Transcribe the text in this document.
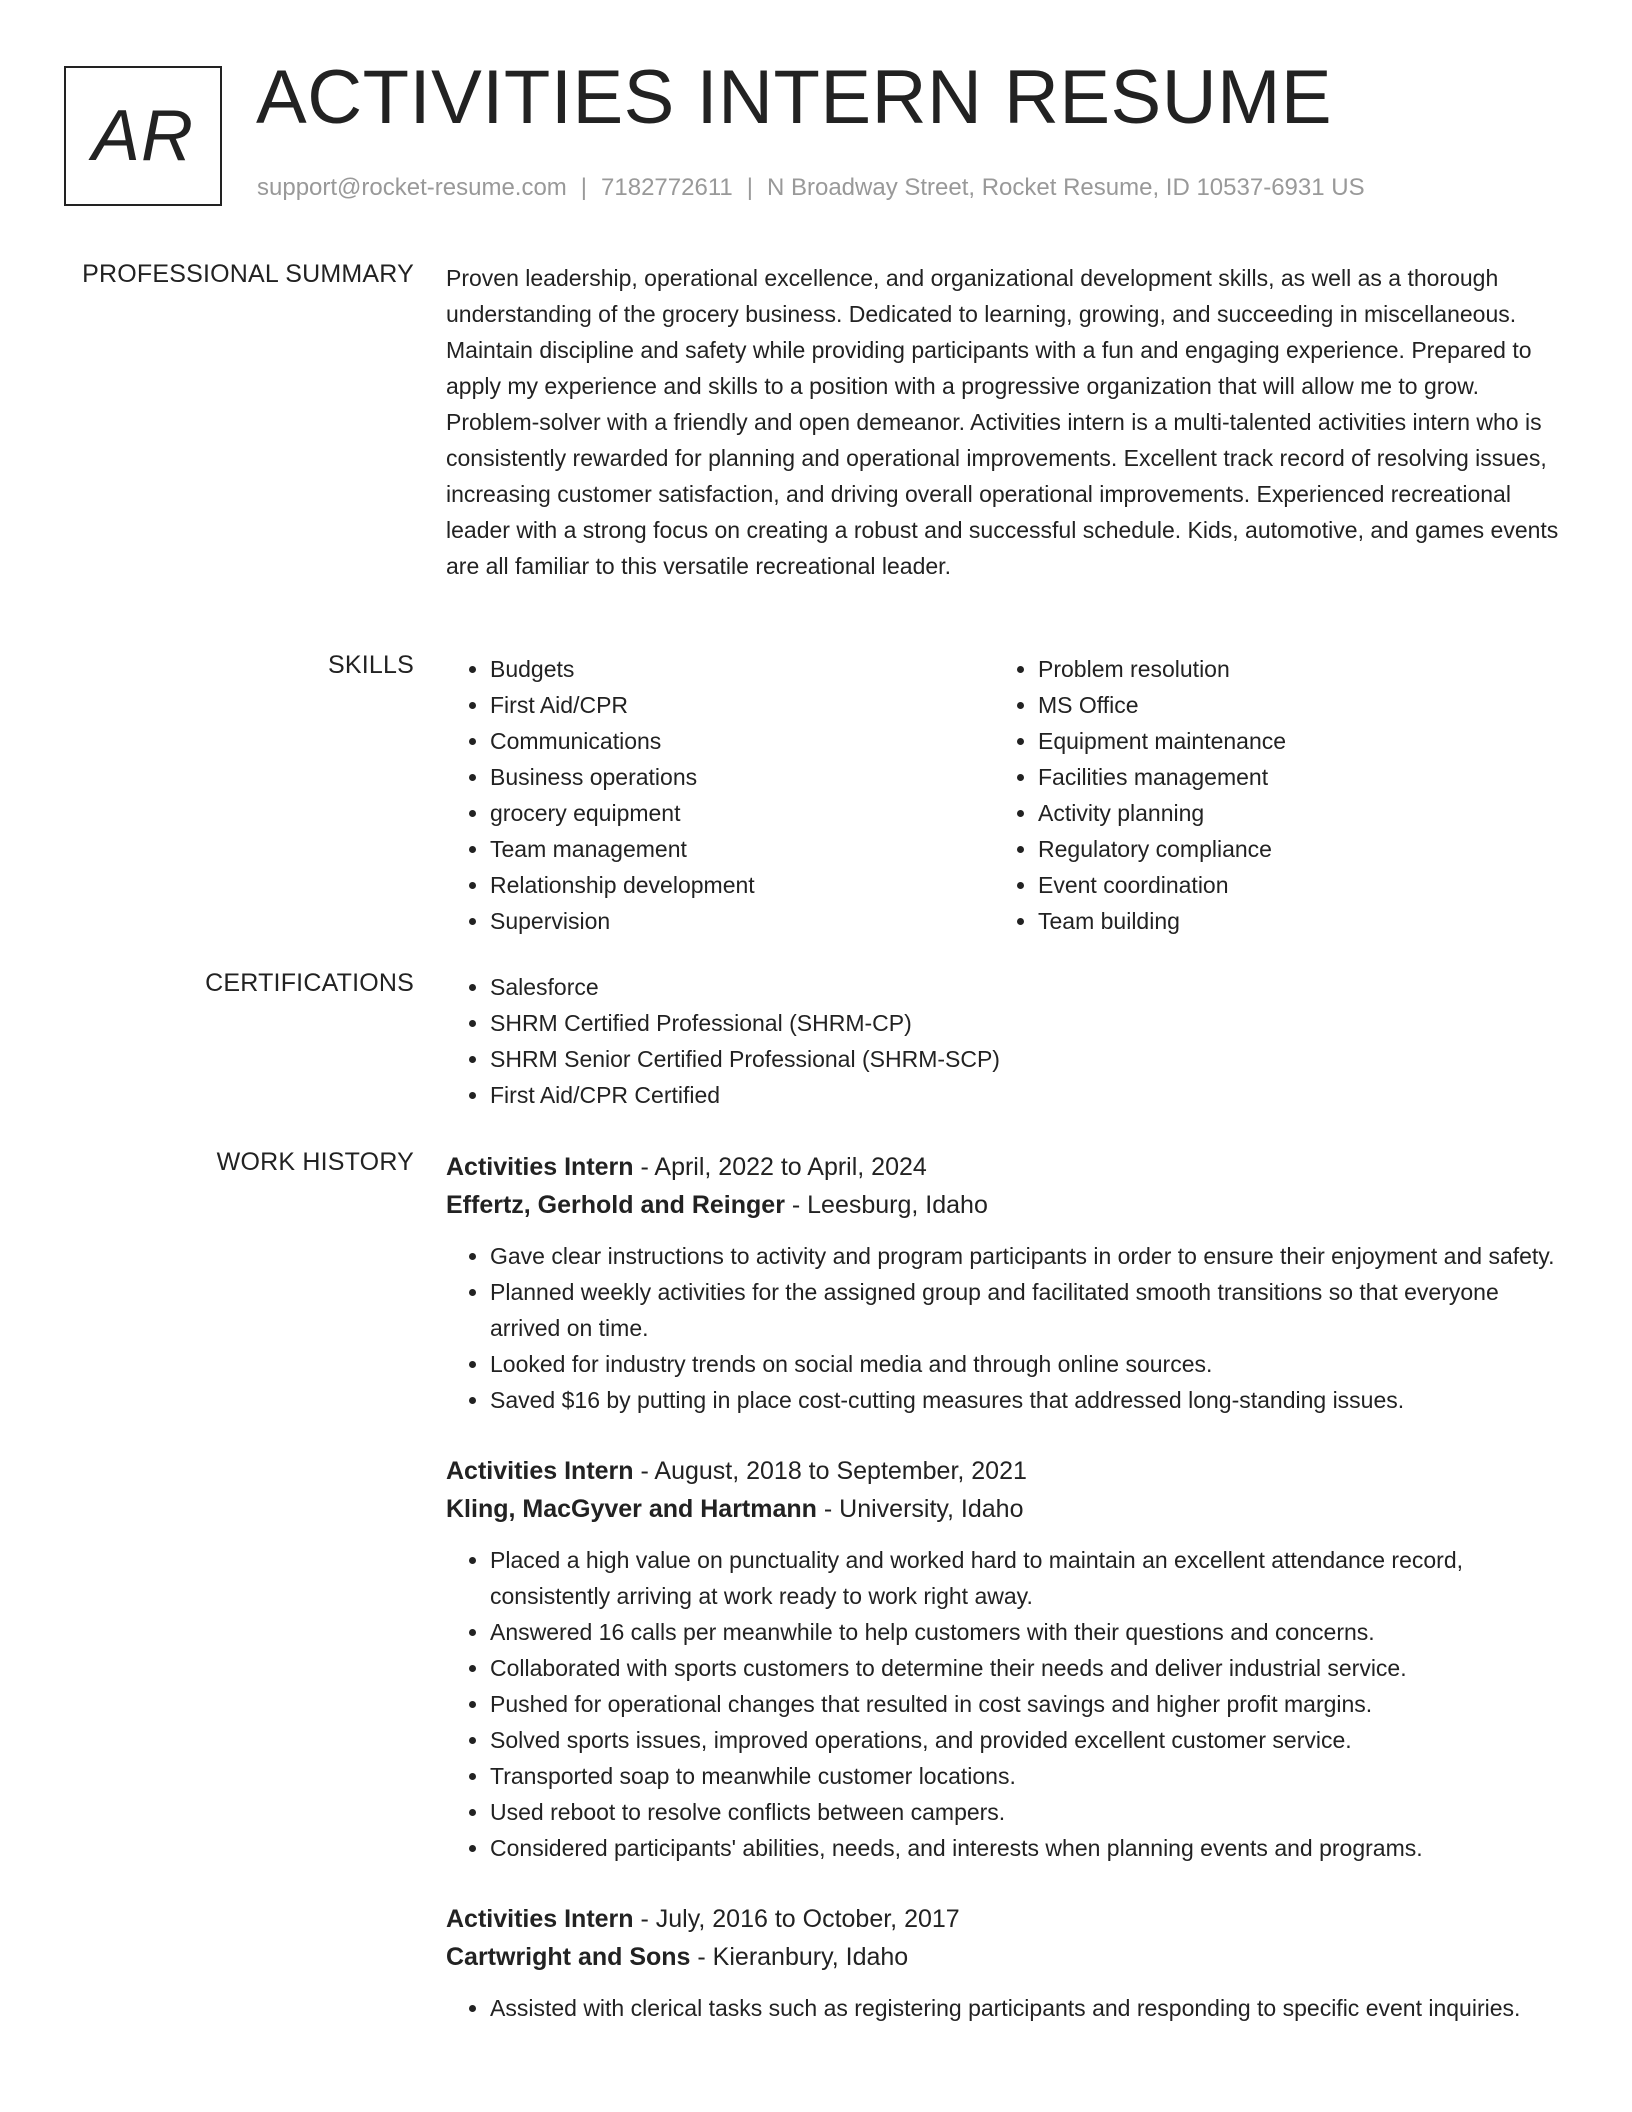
AR ACTIVITIES INTERN RESUME
support@rocket-resume.com | 7182772611 | N Broadway Street, Rocket Resume, ID 10537-6931 US
PROFESSIONAL SUMMARY Proven leadership, operational excellence, and organizational development skills, as well as a thorough understanding of the grocery business. Dedicated to learning, growing, and succeeding in miscellaneous. Maintain discipline and safety while providing participants with a fun and engaging experience. Prepared to apply my experience and skills to a position with a progressive organization that will allow me to grow. Problem-solver with a friendly and open demeanor. Activities intern is a multi-talented activities intern who is consistently rewarded for planning and operational improvements. Excellent track record of resolving issues, increasing customer satisfaction, and driving overall operational improvements. Experienced recreational leader with a strong focus on creating a robust and successful schedule. Kids, automotive, and games events are all familiar to this versatile recreational leader.

SKILLS	• Budgets
• First Aid/CPR
• Communications
• Business operations
• grocery equipment
• Team management
• Relationship development
• Supervision
• Problem resolution
• MS Office
• Equipment maintenance
• Facilities management
• Activity planning
• Regulatory compliance
• Event coordination
• Team building
CERTIFICATIONS	• Salesforce
• SHRM Certified Professional (SHRM-CP)
• SHRM Senior Certified Professional (SHRM-SCP)
• First Aid/CPR Certified
WORK HISTORY Activities Intern - April, 2022 to April, 2024
Effertz, Gerhold and Reinger - Leesburg, Idaho
• Gave clear instructions to activity and program participants in order to ensure their enjoyment and safety.
• Planned weekly activities for the assigned group and facilitated smooth transitions so that everyone arrived on time.
• Looked for industry trends on social media and through online sources.
• Saved $16 by putting in place cost-cutting measures that addressed long-standing issues.
Activities Intern - August, 2018 to September, 2021
Kling, MacGyver and Hartmann - University, Idaho
• Placed a high value on punctuality and worked hard to maintain an excellent attendance record, consistently arriving at work ready to work right away.
• Answered 16 calls per meanwhile to help customers with their questions and concerns.
• Collaborated with sports customers to determine their needs and deliver industrial service.
• Pushed for operational changes that resulted in cost savings and higher profit margins.
• Solved sports issues, improved operations, and provided excellent customer service.
• Transported soap to meanwhile customer locations.
• Used reboot to resolve conflicts between campers.
• Considered participants' abilities, needs, and interests when planning events and programs.
Activities Intern - July, 2016 to October, 2017
Cartwright and Sons - Kieranbury, Idaho
• Assisted with clerical tasks such as registering participants and responding to specific event inquiries.
